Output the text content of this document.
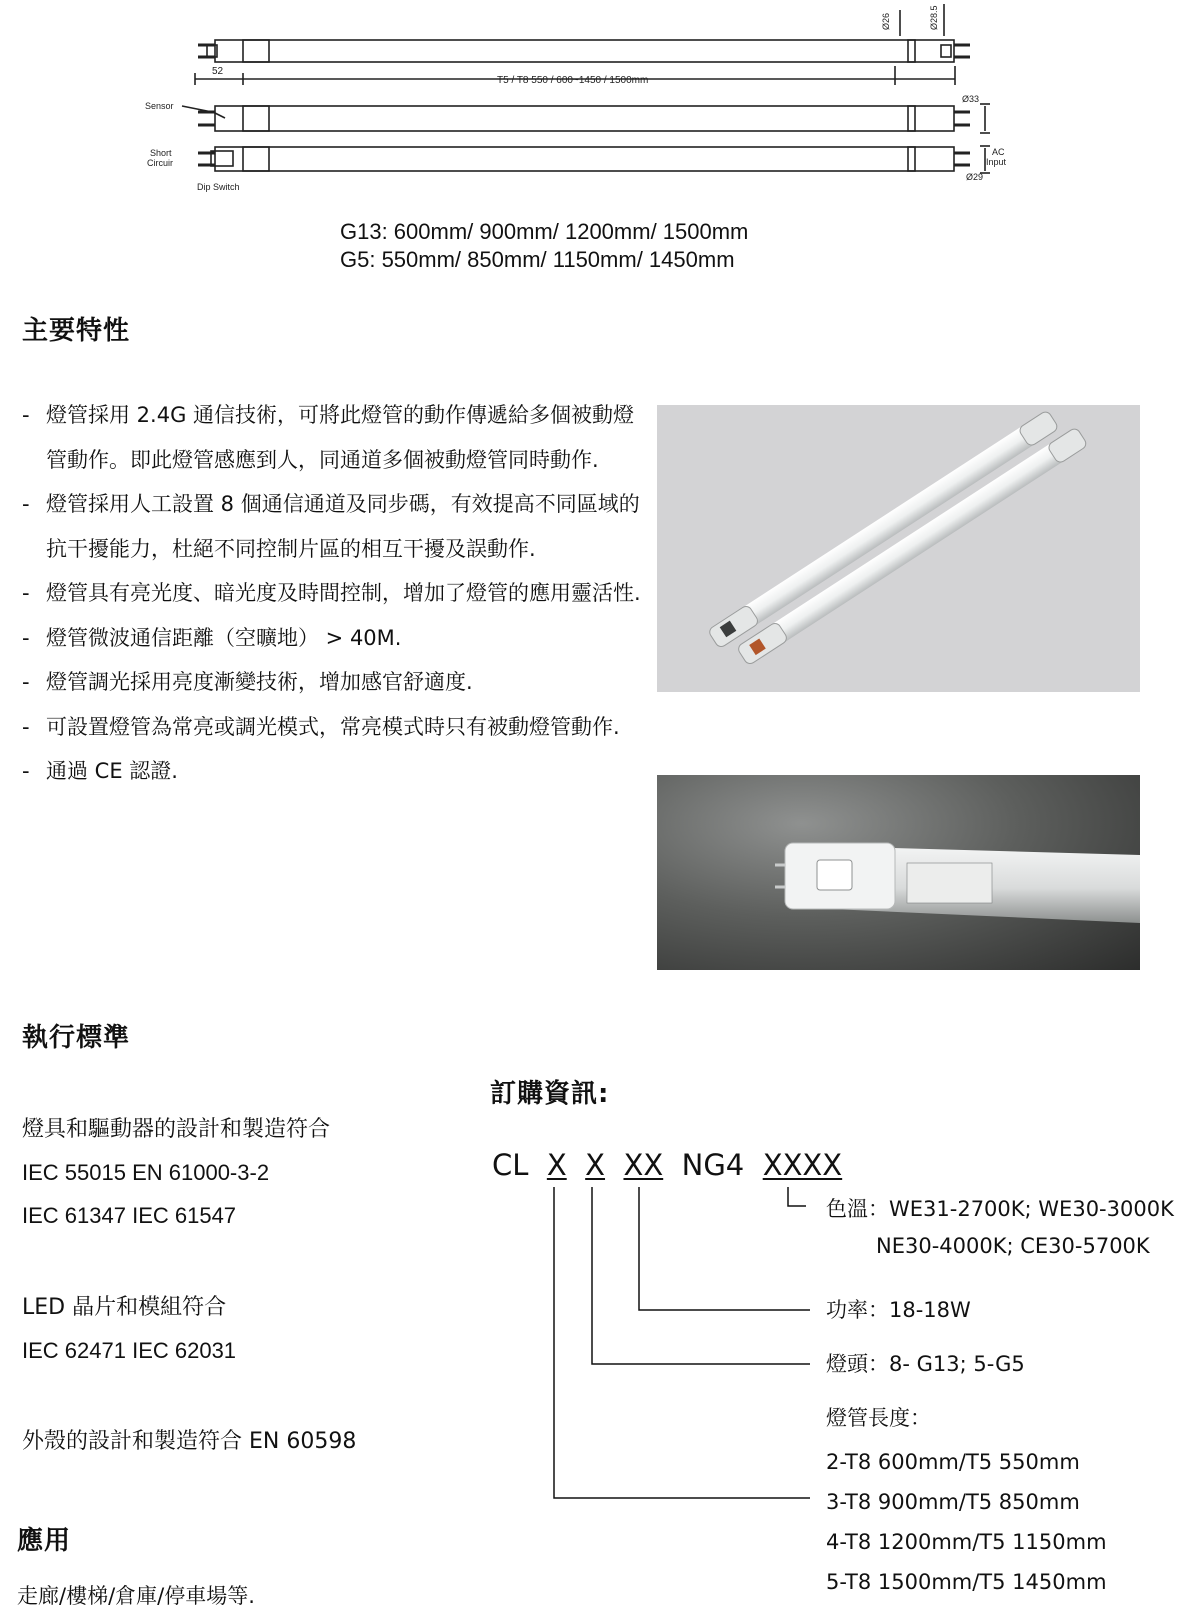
52
T5 / T8 550 / 600~1450 / 1500mm
Sensor
Short
Circuir
Dip Switch
Ø33
AC
Input
Ø29
Ø26	Ø28.5
G13: 600mm/ 900mm/ 1200mm/ 1500mm
G5: 550mm/ 850mm/ 1150mm/ 1450mm
主要特性
- 燈管採用 2.4G 通信技術，可將此燈管的動作傳遞給多個被動燈管動作。即此燈管感應到人，同通道多個被動燈管同時動作.
- 燈管採用人工設置 8 個通信通道及同步碼，有效提高不同區域的抗干擾能力，杜絕不同控制片區的相互干擾及誤動作.
- 燈管具有亮光度、暗光度及時間控制，增加了燈管的應用靈活性.
- 燈管微波通信距離（空曠地） > 40M.
- 燈管調光採用亮度漸變技術，增加感官舒適度.
- 可設置燈管為常亮或調光模式，常亮模式時只有被動燈管動作.
- 通過 CE 認證.
執行標準
燈具和驅動器的設計和製造符合
IEC 55015 EN 61000-3-2
IEC 61347 IEC 61547
LED 晶片和模組符合
IEC 62471 IEC 62031
外殼的設計和製造符合 EN 60598
應用
走廊/樓梯/倉庫/停車場等.
訂購資訊:
CL X X XX NG4 XXXX
色溫：WE31-2700K; WE30-3000K
NE30-4000K; CE30-5700K
功率：18-18W
燈頭：8- G13; 5-G5
燈管長度：
2-T8 600mm/T5 550mm
3-T8 900mm/T5 850mm
4-T8 1200mm/T5 1150mm
5-T8 1500mm/T5 1450mm
